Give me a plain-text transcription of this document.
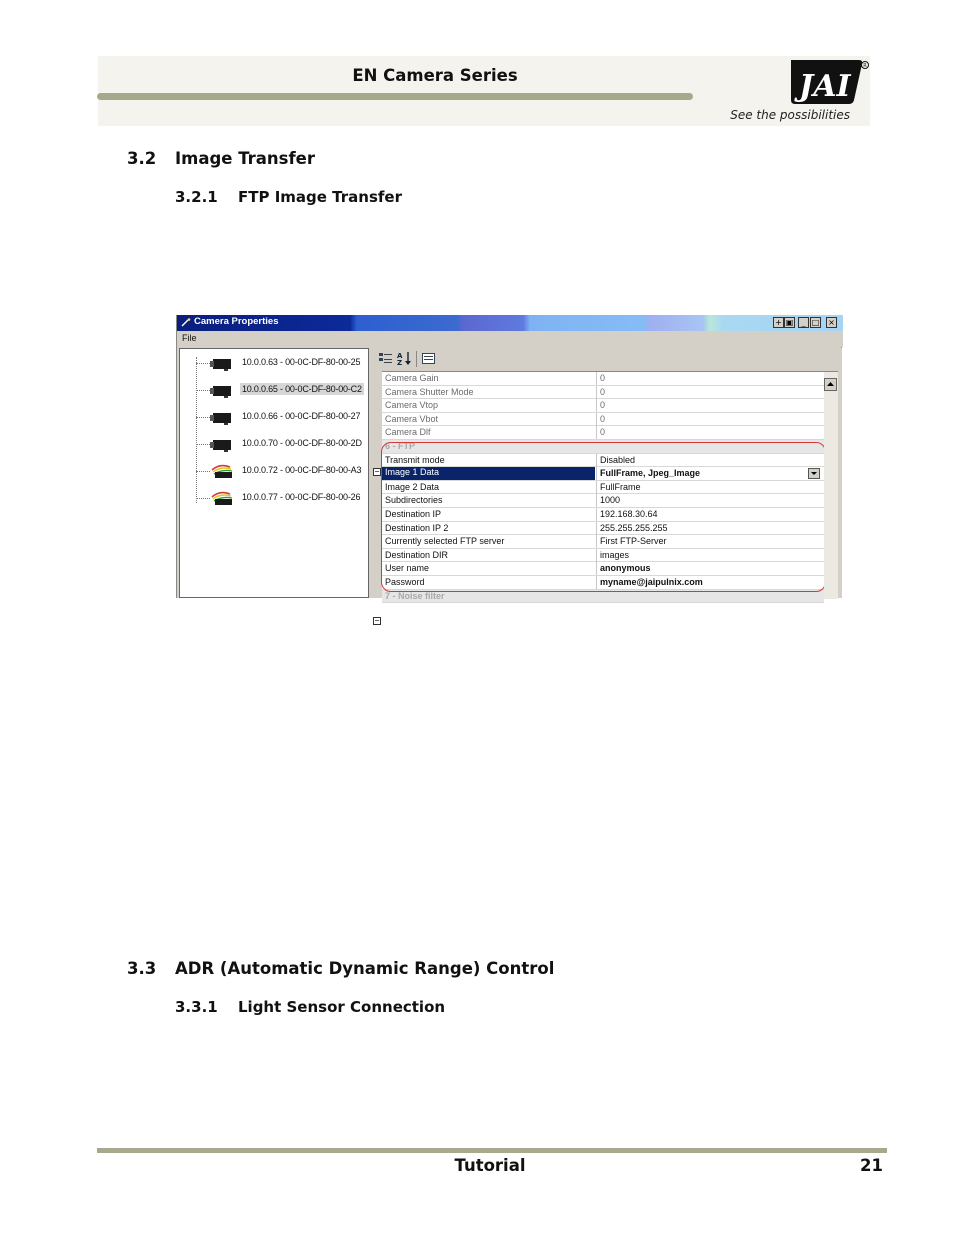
EN Camera Series	JAI
R
See the possibilities
3.2 Image Transfer
3.2.1 FTP Image Transfer
Camera Properties	+ ▣	_ □ ×
File
10.0.0.63 - 00-0C-DF-80-00-25
10.0.0.65 - 00-0C-DF-80-00-C2
10.0.0.66 - 00-0C-DF-80-00-27
10.0.0.70 - 00-0C-DF-80-00-2D
10.0.0.72 - 00-0C-DF-80-00-A3
10.0.0.77 - 00-0C-DF-80-00-26
A
Z
−
−
Camera Gain	0
Camera Shutter Mode	0
Camera Vtop	0
Camera Vbot	0
Camera Dlf	0
6 - FTP
Transmit mode	Disabled
Image 1 Data	FullFrame, Jpeg_Image
Image 2 Data	FullFrame
Subdirectories	1000
Destination IP	192.168.30.64
Destination IP 2	255.255.255.255
Currently selected FTP server	First FTP-Server
Destination DIR	images
User name	anonymous
Password	myname@jaipulnix.com
7 - Noise filter
3.3 ADR (Automatic Dynamic Range) Control
3.3.1 Light Sensor Connection
Tutorial	21
